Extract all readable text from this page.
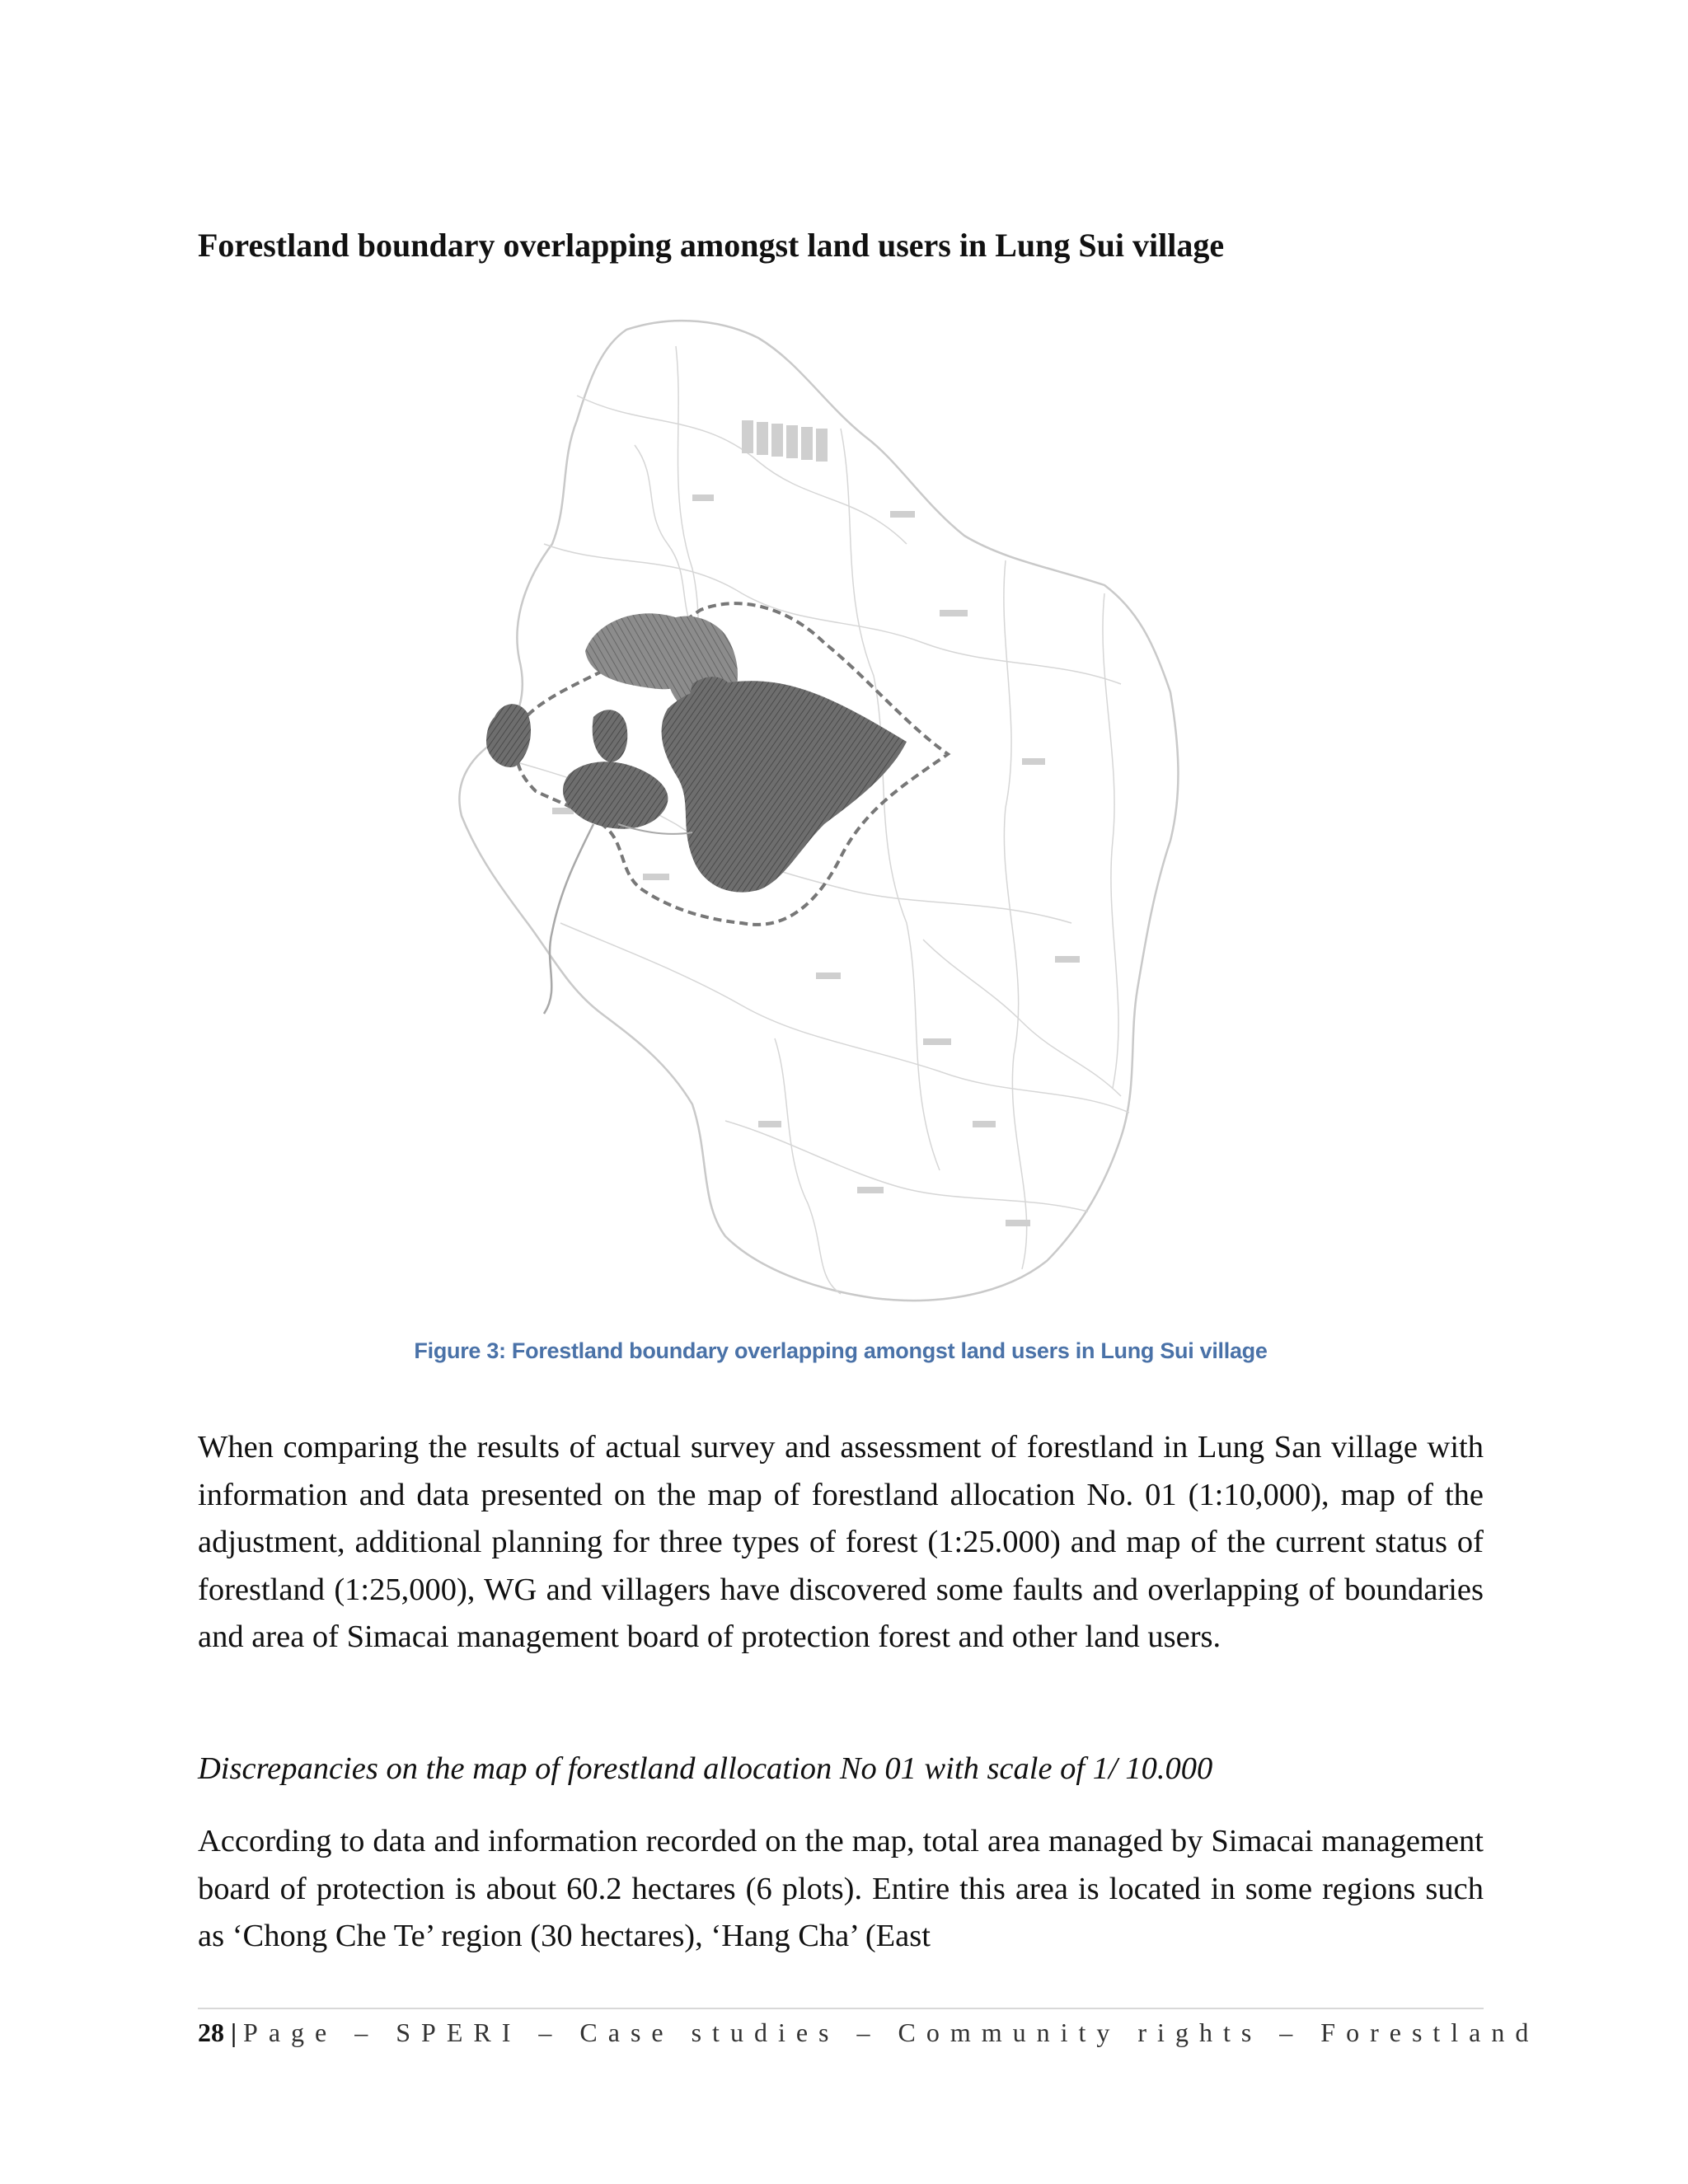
Forestland boundary overlapping amongst land users in Lung Sui village
Figure 3: Forestland boundary overlapping amongst land users in Lung Sui village

When comparing the results of actual survey and assessment of forestland in Lung San village with information and data presented on the map of forestland allocation No. 01 (1:10,000), map of the adjustment, additional planning for three types of forest (1:25.000) and map of the current status of forestland (1:25,000), WG and villagers have discovered some faults and overlapping of boundaries and area of Simacai management board of protection forest and other land users.

Discrepancies on the map of forestland allocation No 01 with scale of 1/ 10.000

According to data and information recorded on the map, total area managed by Simacai management board of protection is about 60.2 hectares (6 plots). Entire this area is located in some regions such as ‘Chong Che Te’ region (30 hectares), ‘Hang Cha’ (East

28 | Page – SPERI – Case studies – Community rights – Forestland
